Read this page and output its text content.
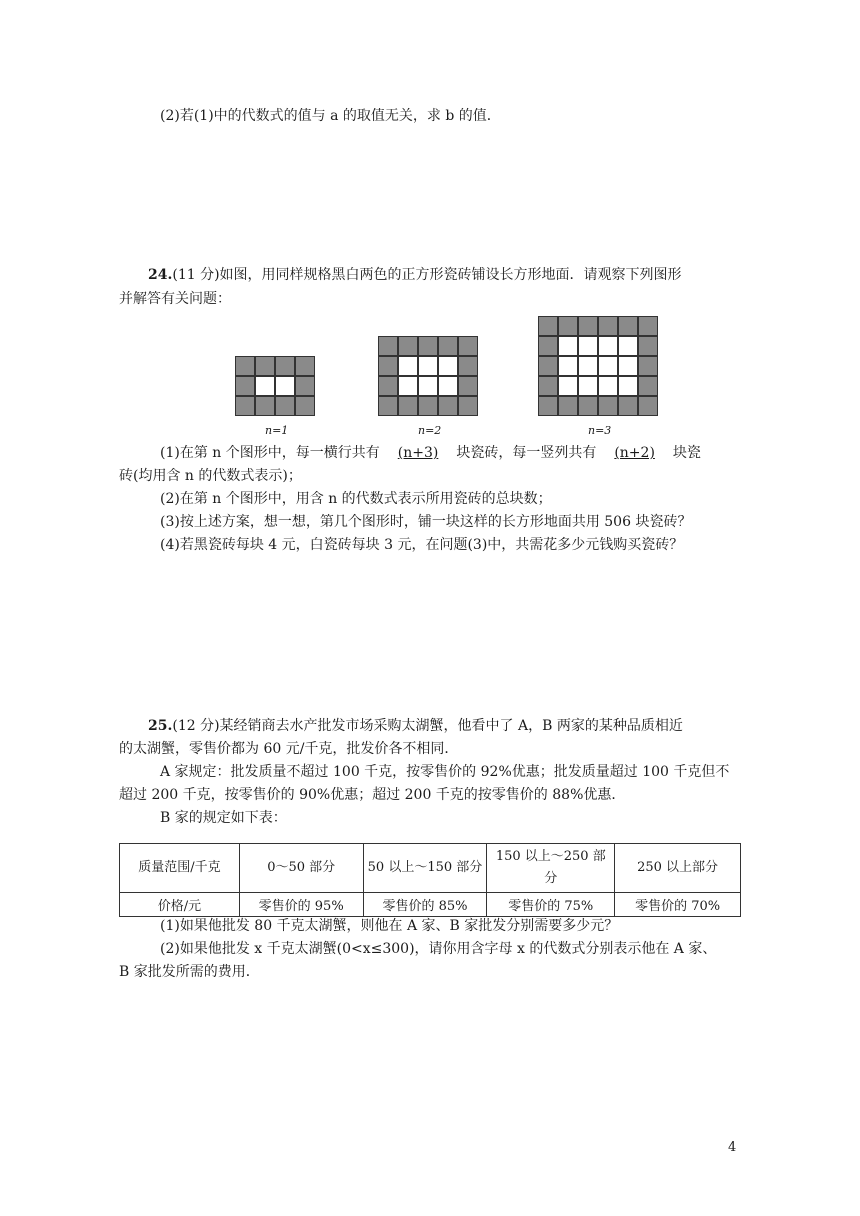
(2)若(1)中的代数式的值与 a 的取值无关，求 b 的值．
24.(11 分)如图，用同样规格黑白两色的正方形瓷砖铺设长方形地面．请观察下列图形
并解答有关问题：
n=1	n=2	n=3
(1)在第 n 个图形中，每一横行共有 (n+3) 块瓷砖，每一竖列共有 (n+2) 块瓷
砖(均用含 n 的代数式表示)；
(2)在第 n 个图形中，用含 n 的代数式表示所用瓷砖的总块数；
(3)按上述方案，想一想，第几个图形时，铺一块这样的长方形地面共用 506 块瓷砖？
(4)若黑瓷砖每块 4 元，白瓷砖每块 3 元，在问题(3)中，共需花多少元钱购买瓷砖？
25.(12 分)某经销商去水产批发市场采购太湖蟹，他看中了 A，B 两家的某种品质相近
的太湖蟹，零售价都为 60 元/千克，批发价各不相同．
A 家规定：批发质量不超过 100 千克，按零售价的 92%优惠；批发质量超过 100 千克但不
超过 200 千克，按零售价的 90%优惠；超过 200 千克的按零售价的 88%优惠．
B 家的规定如下表：
质量范围/千克	0～50 部分	50 以上～150 部分	150 以上～250 部分	250 以上部分
价格/元	零售价的 95%	零售价的 85%	零售价的 75%	零售价的 70%
(1)如果他批发 80 千克太湖蟹，则他在 A 家、B 家批发分别需要多少元？
(2)如果他批发 x 千克太湖蟹(0<x≤300)，请你用含字母 x 的代数式分别表示他在 A 家、
B 家批发所需的费用．
4
